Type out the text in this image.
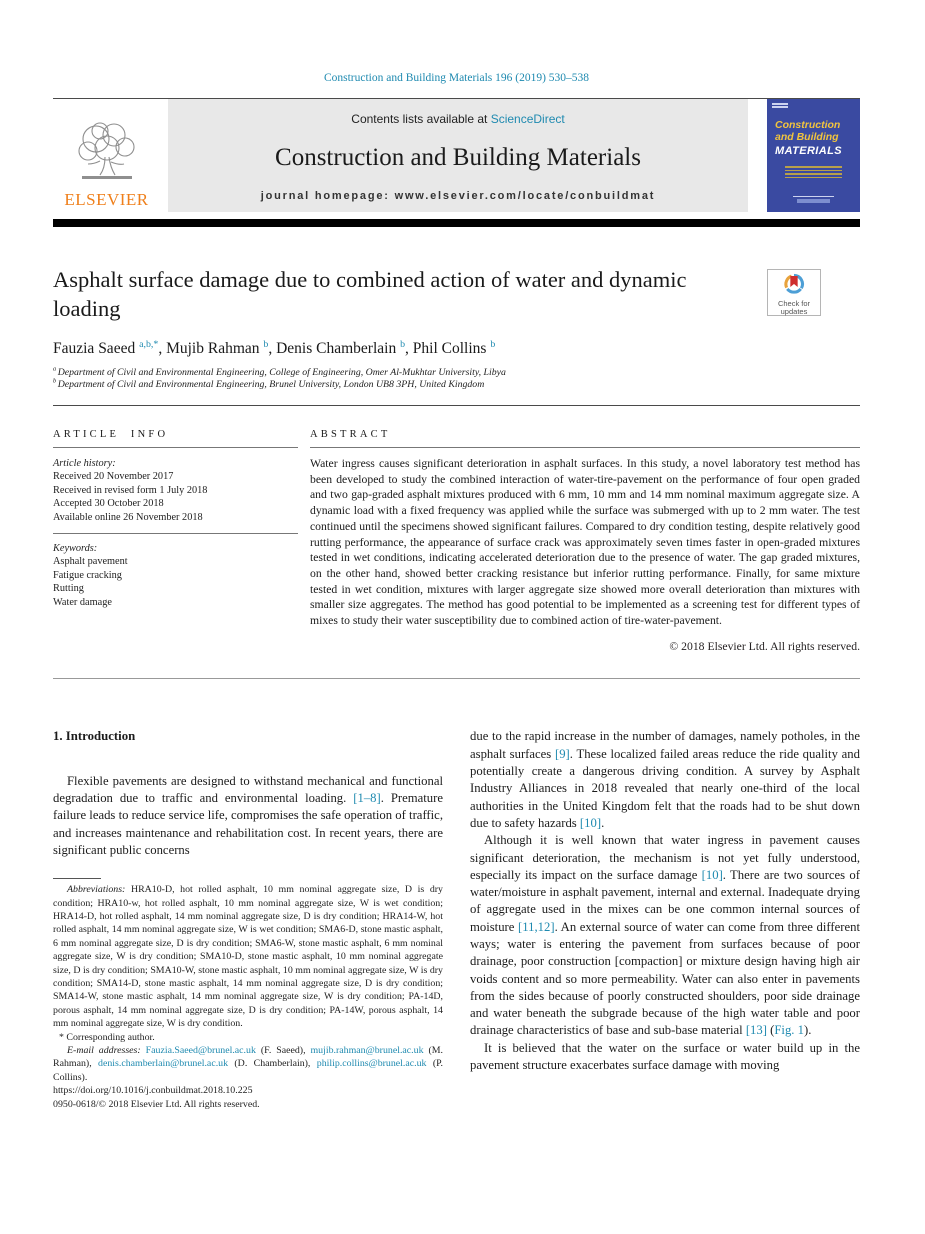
Construction and Building Materials 196 (2019) 530–538
ELSEVIER
Contents lists available at ScienceDirect
Construction and Building Materials
journal homepage: www.elsevier.com/locate/conbuildmat
Construction
and Building
MATERIALS
Asphalt surface damage due to combined action of water and dynamic loading	Check for
updates
Fauzia Saeed $^{a,b,*}$, Mujib Rahman $^b$, Denis Chamberlain $^b$, Phil Collins $^b$
$^a$ Department of Civil and Environmental Engineering, College of Engineering, Omer Al-Mukhtar University, Libya
$^b$ Department of Civil and Environmental Engineering, Brunel University, London UB8 3PH, United Kingdom
ARTICLE INFO
Article history:
Received 20 November 2017
Received in revised form 1 July 2018
Accepted 30 October 2018
Available online 26 November 2018
Keywords:
Asphalt pavement
Fatigue cracking
Rutting
Water damage
ABSTRACT

Water ingress causes significant deterioration in asphalt surfaces. In this study, a novel laboratory test method has been developed to study the combined interaction of water-tire-pavement on the performance of four open graded and two gap-graded asphalt mixtures produced with 6 mm, 10 mm and 14 mm nominal maximum aggregate size. A dynamic load with a fixed frequency was applied while the surface was submerged with up to 2 mm water. The test continued until the specimens showed significant failures. Compared to dry condition testing, despite relatively good rutting performance, the appearance of surface crack was approximately seven times faster in open-graded mixtures tested in wet conditions, indicating accelerated deterioration due to the presence of water. The gap graded mixtures, on the other hand, showed better cracking resistance but inferior rutting performance. Finally, for same mixture tested in wet condition, mixtures with larger aggregate size showed more overall deterioration than mixtures with smaller size aggregates. The method has good potential to be implemented as a screening test for different types of mixes to study their water susceptibility due to combined action of tire-water-pavement.

© 2018 Elsevier Ltd. All rights reserved.
1. Introduction

Flexible pavements are designed to withstand mechanical and functional degradation due to traffic and environmental loading. [1–8]. Premature failure leads to reduce service life, compromises the safe operation of traffic, and increases maintenance and rehabilitation cost. In recent years, there are significant public concerns

Abbreviations: HRA10-D, hot rolled asphalt, 10 mm nominal aggregate size, D is dry condition; HRA10-w, hot rolled asphalt, 10 mm nominal aggregate size, W is wet condition; HRA14-D, hot rolled asphalt, 14 mm nominal aggregate size, D is dry condition; HRA14-W, hot rolled asphalt, 14 mm nominal aggregate size, W is wet condition; SMA6-D, stone mastic asphalt, 6 mm nominal aggregate size, D is dry condition; SMA6-W, stone mastic asphalt, 6 mm nominal aggregate size, W is dry condition; SMA10-D, stone mastic asphalt, 10 mm nominal aggregate size, D is dry condition; SMA10-W, stone mastic asphalt, 10 mm nominal aggregate size, W is dry condition; SMA14-D, stone mastic asphalt, 14 mm nominal aggregate size, D is dry condition; SMA14-W, stone mastic asphalt, 14 mm nominal aggregate size, W is dry condition; PA-14D, porous asphalt, 14 mm nominal aggregate size, D is dry condition; PA-14W, porous asphalt, 14 mm nominal aggregate size, W is dry condition.

* Corresponding author.

E-mail addresses: Fauzia.Saeed@brunel.ac.uk (F. Saeed), mujib.rahman@brunel.ac.uk (M. Rahman), denis.chamberlain@brunel.ac.uk (D. Chamberlain), philip.collins@brunel.ac.uk (P. Collins).

https://doi.org/10.1016/j.conbuildmat.2018.10.225

0950-0618/© 2018 Elsevier Ltd. All rights reserved.

due to the rapid increase in the number of damages, namely potholes, in the asphalt surfaces [9]. These localized failed areas reduce the ride quality and potentially create a dangerous driving condition. A survey by Asphalt Industry Alliances in 2018 revealed that nearly one-third of the local authorities in the United Kingdom felt that the roads had to be shut down due to safety hazards [10].

Although it is well known that water ingress in pavement causes significant deterioration, the mechanism is not yet fully understood, especially its impact on the surface damage [10]. There are two sources of water/moisture in asphalt pavement, internal and external. Inadequate drying of aggregate used in the mixes can be one common internal sources of moisture [11,12]. An external source of water can come from three different ways; water is entering the pavement from surfaces because of poor drainage, poor construction [compaction] or mixture design having high air voids content and so more permeability. Water can also enter in pavements from the sides because of poorly constructed shoulders, poor side drainage and water beneath the subgrade because of the high water table and poor drainage characteristics of base and sub-base material [13] (Fig. 1).

It is believed that the water on the surface or water build up in the pavement structure exacerbates surface damage with moving
